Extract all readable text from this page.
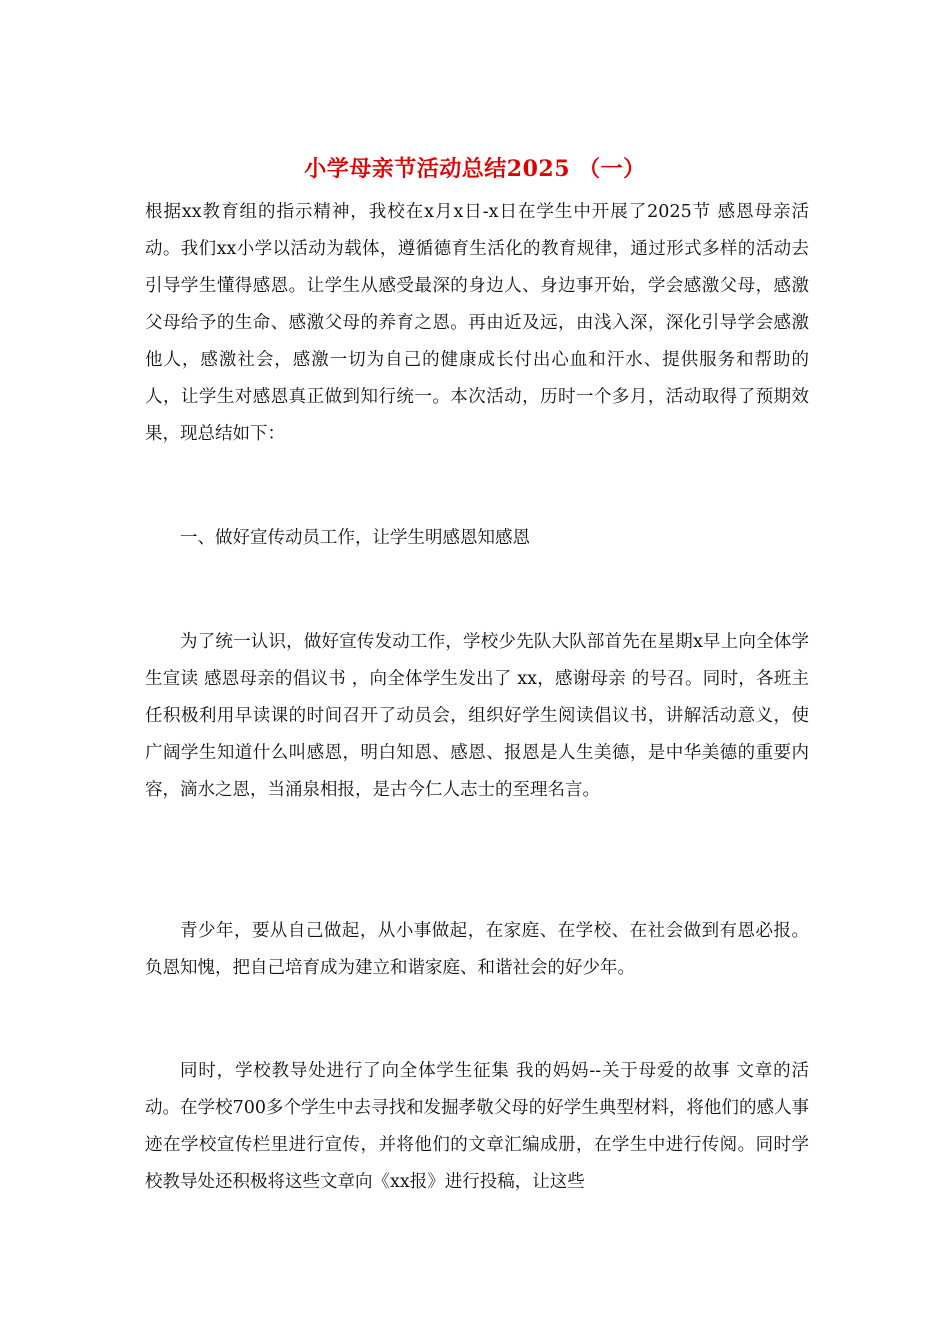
小学母亲节活动总结2025 （一）

根据xx教育组的指示精神，我校在x月x日-x日在学生中开展了2025节 感恩母亲活动。我们xx小学以活动为载体，遵循德育生活化的教育规律，通过形式多样的活动去引导学生懂得感恩。让学生从感受最深的身边人、身边事开始，学会感激父母，感激父母给予的生命、感激父母的养育之恩。再由近及远，由浅入深，深化引导学会感激他人，感激社会，感激一切为自己的健康成长付出心血和汗水、提供服务和帮助的人，让学生对感恩真正做到知行统一。本次活动，历时一个多月，活动取得了预期效果，现总结如下：

一、做好宣传动员工作，让学生明感恩知感恩

为了统一认识，做好宣传发动工作，学校少先队大队部首先在星期x早上向全体学生宣读 感恩母亲的倡议书 ，向全体学生发出了 xx，感谢母亲 的号召。同时，各班主任积极利用早读课的时间召开了动员会，组织好学生阅读倡议书，讲解活动意义，使广阔学生知道什么叫感恩，明白知恩、感恩、报恩是人生美德，是中华美德的重要内容，滴水之恩，当涌泉相报，是古今仁人志士的至理名言。

青少年，要从自己做起，从小事做起，在家庭、在学校、在社会做到有恩必报。负恩知愧，把自己培育成为建立和谐家庭、和谐社会的好少年。

同时，学校教导处进行了向全体学生征集 我的妈妈--关于母爱的故事 文章的活动。在学校700多个学生中去寻找和发掘孝敬父母的好学生典型材料，将他们的感人事迹在学校宣传栏里进行宣传，并将他们的文章汇编成册，在学生中进行传阅。同时学校教导处还积极将这些文章向《xx报》进行投稿，让这些
